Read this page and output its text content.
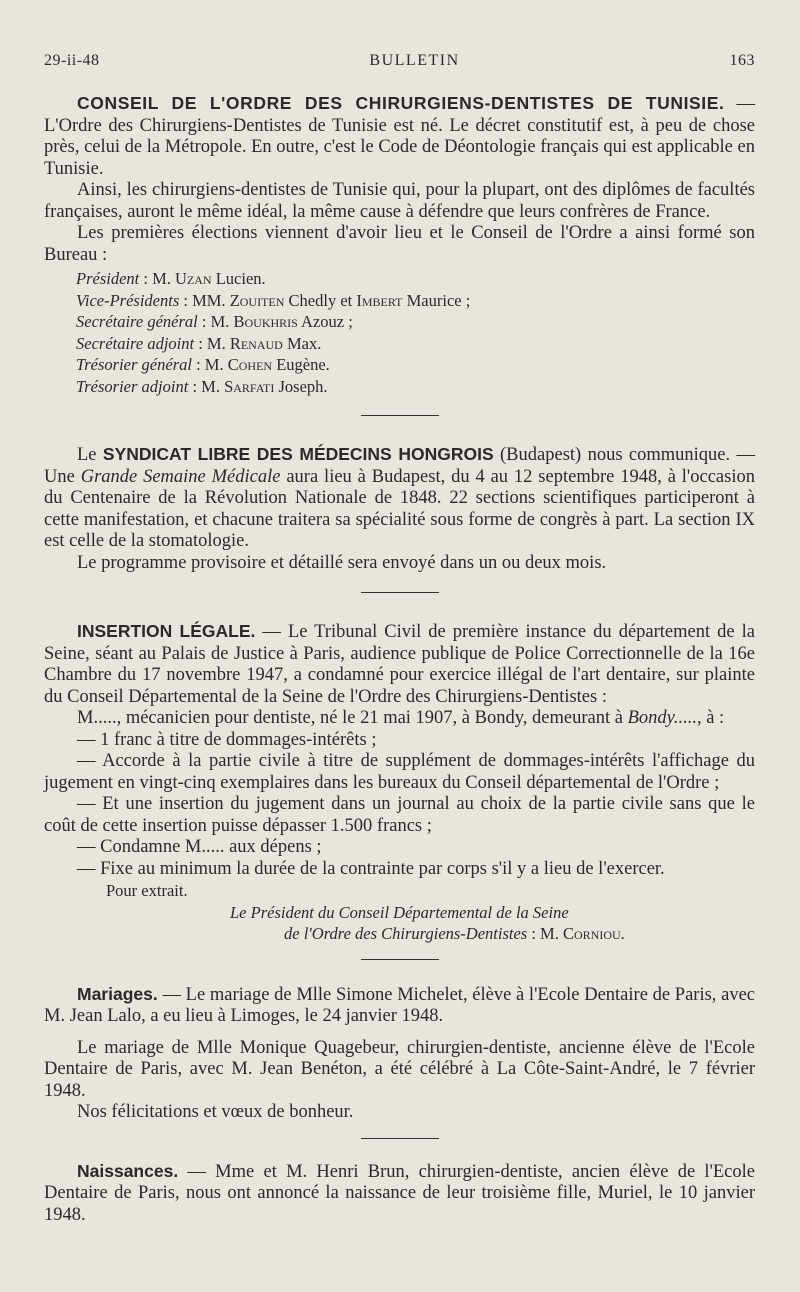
29-ii-48	BULLETIN	163

CONSEIL DE L'ORDRE DES CHIRURGIENS-DENTISTES DE TUNISIE. — L'Ordre des Chirurgiens-Dentistes de Tunisie est né. Le décret constitutif est, à peu de chose près, celui de la Métropole. En outre, c'est le Code de Déontologie français qui est applicable en Tunisie.

Ainsi, les chirurgiens-dentistes de Tunisie qui, pour la plupart, ont des diplômes de facultés françaises, auront le même idéal, la même cause à défendre que leurs confrères de France.

Les premières élections viennent d'avoir lieu et le Conseil de l'Ordre a ainsi formé son Bureau :

Président : M. Uzan Lucien.
Vice-Présidents : MM. Zouiten Chedly et Imbert Maurice ;
Secrétaire général : M. Boukhris Azouz ;
Secrétaire adjoint : M. Renaud Max.
Trésorier général : M. Cohen Eugène.
Trésorier adjoint : M. Sarfati Joseph.

Le SYNDICAT LIBRE DES MÉDECINS HONGROIS (Budapest) nous communique. — Une Grande Semaine Médicale aura lieu à Budapest, du 4 au 12 septembre 1948, à l'occasion du Centenaire de la Révolution Nationale de 1848. 22 sections scientifiques participeront à cette manifestation, et chacune traitera sa spécialité sous forme de congrès à part. La section IX est celle de la stomatologie.

Le programme provisoire et détaillé sera envoyé dans un ou deux mois.

INSERTION LÉGALE. — Le Tribunal Civil de première instance du département de la Seine, séant au Palais de Justice à Paris, audience publique de Police Correctionnelle de la 16e Chambre du 17 novembre 1947, a condamné pour exercice illégal de l'art dentaire, sur plainte du Conseil Départemental de la Seine de l'Ordre des Chirurgiens-Dentistes :

M....., mécanicien pour dentiste, né le 21 mai 1907, à Bondy, demeurant à Bondy....., à :

— 1 franc à titre de dommages-intérêts ;

— Accorde à la partie civile à titre de supplément de dommages-intérêts l'affichage du jugement en vingt-cinq exemplaires dans les bureaux du Conseil départemental de l'Ordre ;

— Et une insertion du jugement dans un journal au choix de la partie civile sans que le coût de cette insertion puisse dépasser 1.500 francs ;

— Condamne M..... aux dépens ;

— Fixe au minimum la durée de la contrainte par corps s'il y a lieu de l'exercer.

Pour extrait.
Le Président du Conseil Départemental de la Seine
de l'Ordre des Chirurgiens-Dentistes : M. Corniou.

Mariages. — Le mariage de Mlle Simone Michelet, élève à l'Ecole Dentaire de Paris, avec M. Jean Lalo, a eu lieu à Limoges, le 24 janvier 1948.

Le mariage de Mlle Monique Quagebeur, chirurgien-dentiste, ancienne élève de l'Ecole Dentaire de Paris, avec M. Jean Benéton, a été célébré à La Côte-Saint-André, le 7 février 1948.

Nos félicitations et vœux de bonheur.

Naissances. — Mme et M. Henri Brun, chirurgien-dentiste, ancien élève de l'Ecole Dentaire de Paris, nous ont annoncé la naissance de leur troisième fille, Muriel, le 10 janvier 1948.
